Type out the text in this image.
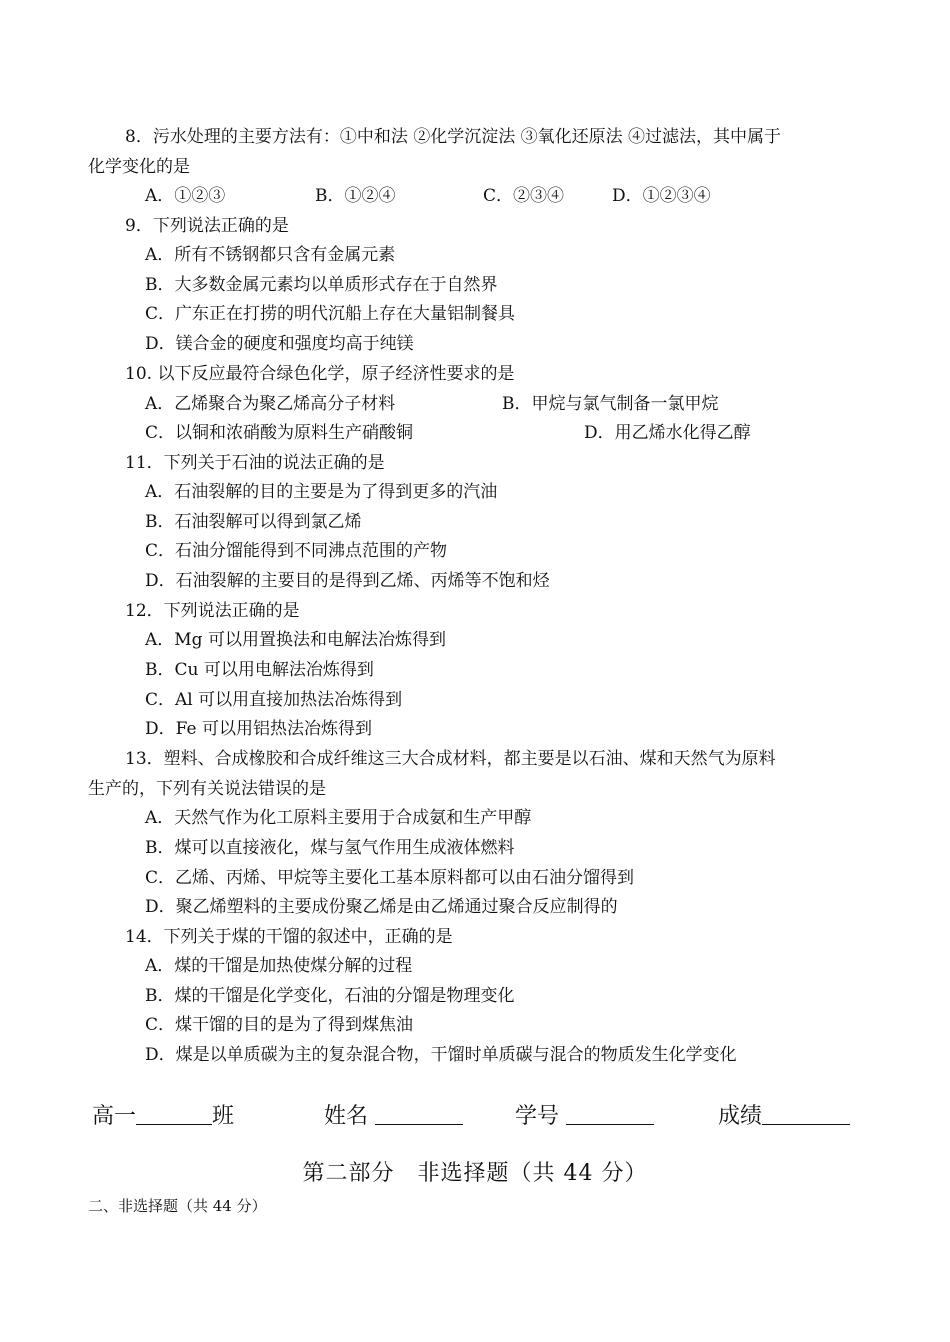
8．污水处理的主要方法有：①中和法 ②化学沉淀法 ③氧化还原法 ④过滤法，其中属于
化学变化的是
A．①②③	B．①②④	C．②③④	D．①②③④
9．下列说法正确的是
A．所有不锈钢都只含有金属元素
B．大多数金属元素均以单质形式存在于自然界
C．广东正在打捞的明代沉船上存在大量铝制餐具
D．镁合金的硬度和强度均高于纯镁
10. 以下反应最符合绿色化学，原子经济性要求的是
A．乙烯聚合为聚乙烯高分子材料	B．甲烷与氯气制备一氯甲烷
C．以铜和浓硝酸为原料生产硝酸铜	D．用乙烯水化得乙醇
11．下列关于石油的说法正确的是
A．石油裂解的目的主要是为了得到更多的汽油
B．石油裂解可以得到氯乙烯
C．石油分馏能得到不同沸点范围的产物
D．石油裂解的主要目的是得到乙烯、丙烯等不饱和烃
12．下列说法正确的是
A．Mg 可以用置换法和电解法冶炼得到
B．Cu 可以用电解法冶炼得到
C．Al 可以用直接加热法冶炼得到
D．Fe 可以用铝热法冶炼得到
13．塑料、合成橡胶和合成纤维这三大合成材料，都主要是以石油、煤和天然气为原料
生产的，下列有关说法错误的是
A．天然气作为化工原料主要用于合成氨和生产甲醇
B．煤可以直接液化，煤与氢气作用生成液体燃料
C．乙烯、丙烯、甲烷等主要化工基本原料都可以由石油分馏得到
D．聚乙烯塑料的主要成份聚乙烯是由乙烯通过聚合反应制得的
14．下列关于煤的干馏的叙述中，正确的是
A．煤的干馏是加热使煤分解的过程
B．煤的干馏是化学变化，石油的分馏是物理变化
C．煤干馏的目的是为了得到煤焦油
D．煤是以单质碳为主的复杂混合物，干馏时单质碳与混合的物质发生化学变化
高一	班	姓名	学号	成绩
第二部分　非选择题（共 44 分）
二、非选择题（共 44 分）
